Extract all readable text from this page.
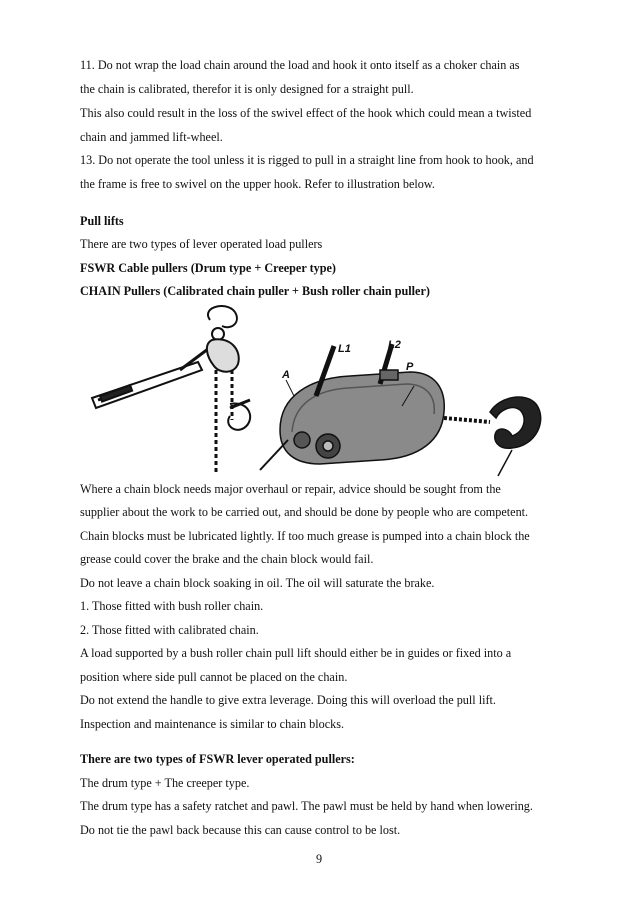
11. Do not wrap the load chain around the load and hook it onto itself as a choker chain as
the chain is calibrated, therefor it is only designed for a straight pull.
This also could result in the loss of the swivel effect of the hook which could mean a twisted
chain and jammed lift-wheel.
13. Do not operate the tool unless it is rigged to pull in a straight line from hook to hook, and
the frame is free to swivel on the upper hook. Refer to illustration below.
Pull lifts
There are two types of lever operated load pullers
FSWR Cable pullers (Drum type + Creeper type)
CHAIN Pullers (Calibrated chain puller + Bush roller chain puller)
A
L1	L2
P
Where a chain block needs major overhaul or repair, advice should be sought from the
supplier about the work to be carried out, and should be done by people who are competent.
Chain blocks must be lubricated lightly. If too much grease is pumped into a chain block the
grease could cover the brake and the chain block would fail.
Do not leave a chain block soaking in oil. The oil will saturate the brake.
1. Those fitted with bush roller chain.
2. Those fitted with calibrated chain.
A load supported by a bush roller chain pull lift should either be in guides or fixed into a
position where side pull cannot be placed on the chain.
Do not extend the handle to give extra leverage. Doing this will overload the pull lift.
Inspection and maintenance is similar to chain blocks.
There are two types of FSWR lever operated pullers:
The drum type + The creeper type.
The drum type has a safety ratchet and pawl. The pawl must be held by hand when lowering.
Do not tie the pawl back because this can cause control to be lost.
9
